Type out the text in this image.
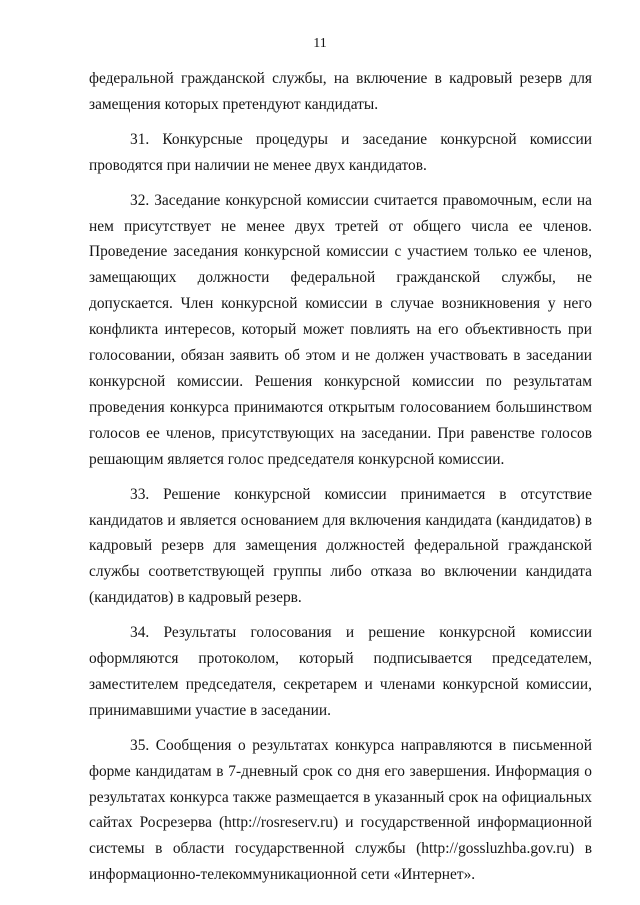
11

федеральной гражданской службы, на включение в кадровый резерв для замещения которых претендуют кандидаты.

31. Конкурсные процедуры и заседание конкурсной комиссии проводятся при наличии не менее двух кандидатов.

32. Заседание конкурсной комиссии считается правомочным, если на нем присутствует не менее двух третей от общего числа ее членов. Проведение заседания конкурсной комиссии с участием только ее членов, замещающих должности федеральной гражданской службы, не допускается. Член конкурсной комиссии в случае возникновения у него конфликта интересов, который может повлиять на его объективность при голосовании, обязан заявить об этом и не должен участвовать в заседании конкурсной комиссии. Решения конкурсной комиссии по результатам проведения конкурса принимаются открытым голосованием большинством голосов ее членов, присутствующих на заседании. При равенстве голосов решающим является голос председателя конкурсной комиссии.

33. Решение конкурсной комиссии принимается в отсутствие кандидатов и является основанием для включения кандидата (кандидатов) в кадровый резерв для замещения должностей федеральной гражданской службы соответствующей группы либо отказа во включении кандидата (кандидатов) в кадровый резерв.

34. Результаты голосования и решение конкурсной комиссии оформляются протоколом, который подписывается председателем, заместителем председателя, секретарем и членами конкурсной комиссии, принимавшими участие в заседании.

35. Сообщения о результатах конкурса направляются в письменной форме кандидатам в 7-дневный срок со дня его завершения. Информация о результатах конкурса также размещается в указанный срок на официальных сайтах Росрезерва (http://rosreserv.ru) и государственной информационной системы в области государственной службы (http://gossluzhba.gov.ru) в информационно-телекоммуникационной сети «Интернет».
